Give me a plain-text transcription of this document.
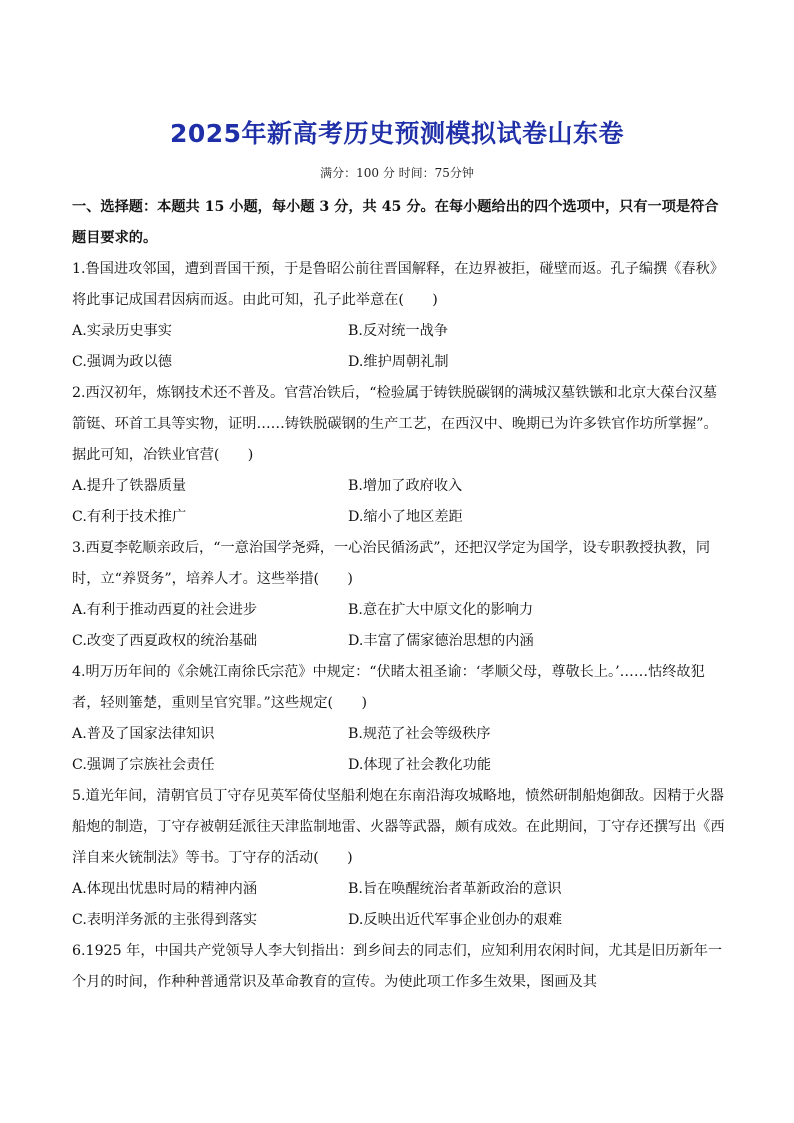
2025年新高考历史预测模拟试卷山东卷
满分：100 分 时间：75分钟

一、选择题：本题共 15 小题，每小题 3 分，共 45 分。在每小题给出的四个选项中，只有一项是符合题目要求的。

1.鲁国进攻邻国，遭到晋国干预，于是鲁昭公前往晋国解释，在边界被拒，碰壁而返。孔子编撰《春秋》将此事记成国君因病而返。由此可知，孔子此举意在(　　)

A.实录历史事实	B.反对统一战争
C.强调为政以德	D.维护周朝礼制

2.西汉初年，炼钢技术还不普及。官营冶铁后，“检验属于铸铁脱碳钢的满城汉墓铁镞和北京大葆台汉墓箭铤、环首工具等实物，证明……铸铁脱碳钢的生产工艺，在西汉中、晚期已为许多铁官作坊所掌握”。据此可知，冶铁业官营(　　)

A.提升了铁器质量	B.增加了政府收入
C.有利于技术推广	D.缩小了地区差距

3.西夏李乾顺亲政后，“一意治国学尧舜，一心治民循汤武”，还把汉学定为国学，设专职教授执教，同时，立“养贤务”，培养人才。这些举措(　　)

A.有利于推动西夏的社会进步	B.意在扩大中原文化的影响力
C.改变了西夏政权的统治基础	D.丰富了儒家德治思想的内涵

4.明万历年间的《余姚江南徐氏宗范》中规定：“伏睹太祖圣谕：‘孝顺父母，尊敬长上。’……怙终故犯者，轻则箠楚，重则呈官究罪。”这些规定(　　)

A.普及了国家法律知识	B.规范了社会等级秩序
C.强调了宗族社会责任	D.体现了社会教化功能

5.道光年间，清朝官员丁守存见英军倚仗坚船利炮在东南沿海攻城略地，愤然研制船炮御敌。因精于火器船炮的制造，丁守存被朝廷派往天津监制地雷、火器等武器，颇有成效。在此期间，丁守存还撰写出《西洋自来火铳制法》等书。丁守存的活动(　　)

A.体现出忧患时局的精神内涵	B.旨在唤醒统治者革新政治的意识
C.表明洋务派的主张得到落实	D.反映出近代军事企业创办的艰难

6.1925 年，中国共产党领导人李大钊指出：到乡间去的同志们，应知利用农闲时间，尤其是旧历新年一个月的时间，作种种普通常识及革命教育的宣传。为使此项工作多生效果，图画及其
